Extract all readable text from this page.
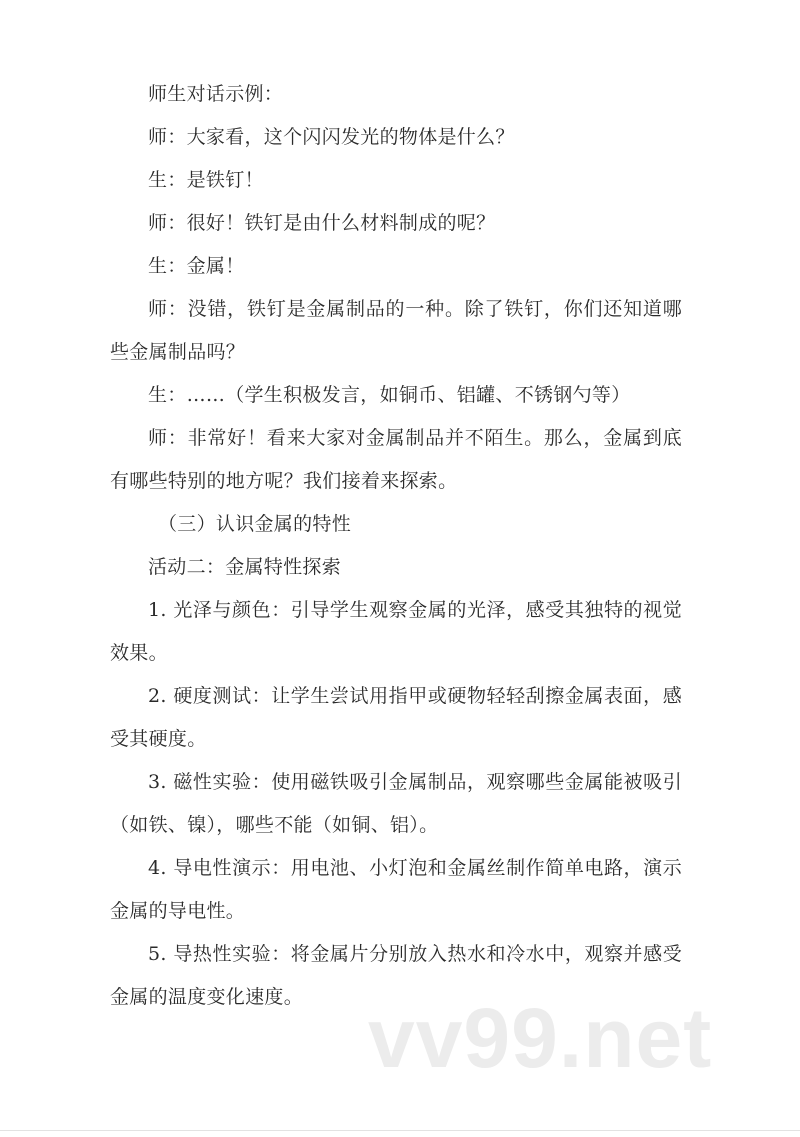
师生对话示例：

师：大家看，这个闪闪发光的物体是什么？

生：是铁钉！

师：很好！铁钉是由什么材料制成的呢？

生：金属！

师：没错，铁钉是金属制品的一种。除了铁钉，你们还知道哪些金属制品吗？

生：……（学生积极发言，如铜币、铝罐、不锈钢勺等）

师：非常好！看来大家对金属制品并不陌生。那么，金属到底有哪些特别的地方呢？我们接着来探索。

（三）认识金属的特性

活动二：金属特性探索

1. 光泽与颜色：引导学生观察金属的光泽，感受其独特的视觉效果。

2. 硬度测试：让学生尝试用指甲或硬物轻轻刮擦金属表面，感受其硬度。

3. 磁性实验：使用磁铁吸引金属制品，观察哪些金属能被吸引（如铁、镍），哪些不能（如铜、铝）。

4. 导电性演示：用电池、小灯泡和金属丝制作简单电路，演示金属的导电性。

5. 导热性实验：将金属片分别放入热水和冷水中，观察并感受金属的温度变化速度。 vv99.net
